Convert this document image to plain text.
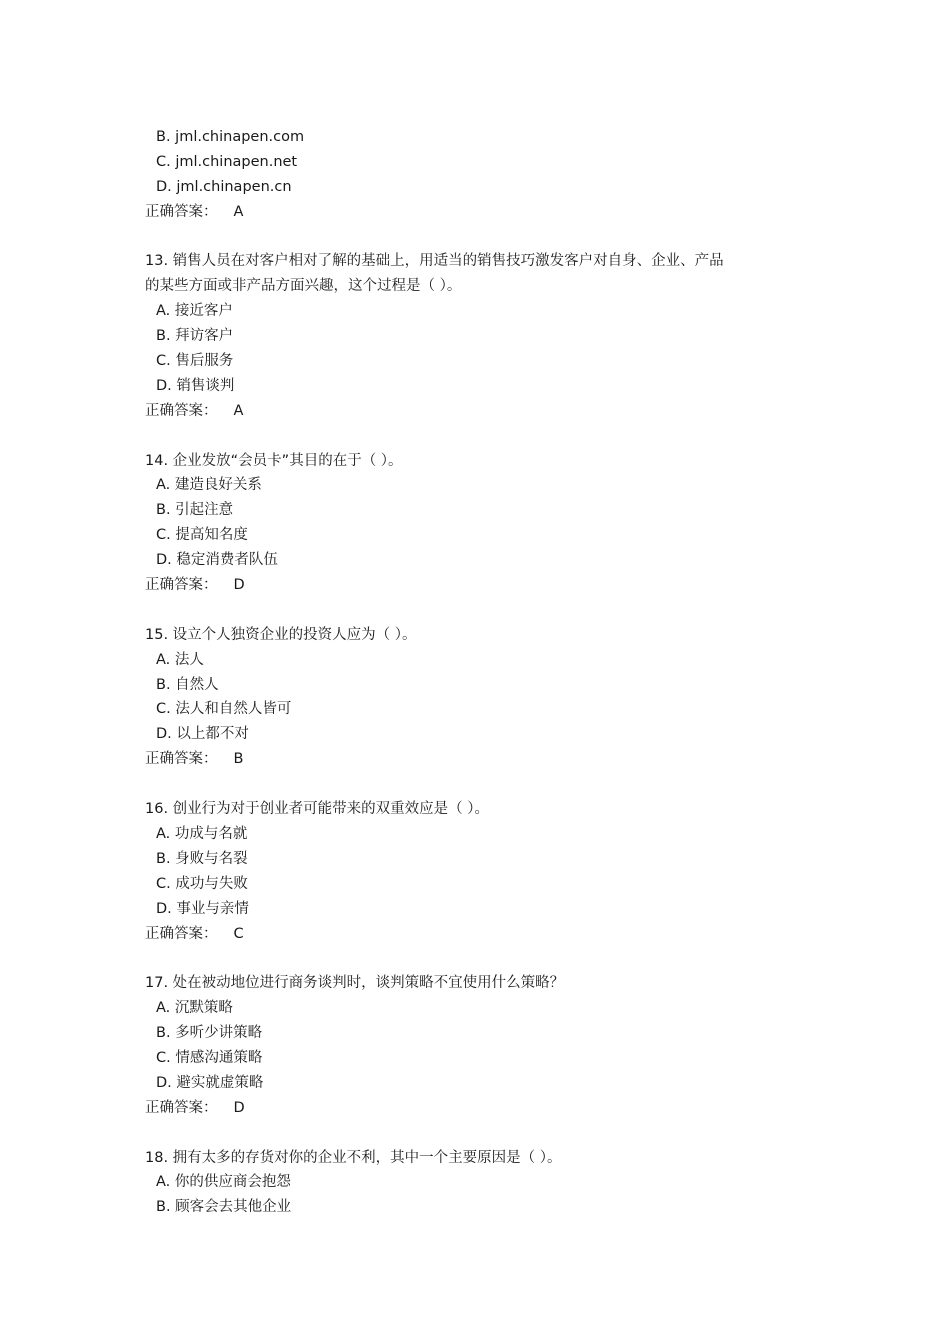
B. jml.chinapen.com
C. jml.chinapen.net
D. jml.chinapen.cn
正确答案： A
13. 销售人员在对客户相对了解的基础上，用适当的销售技巧激发客户对自身、企业、产品
的某些方面或非产品方面兴趣，这个过程是（ ）。
A. 接近客户
B. 拜访客户
C. 售后服务
D. 销售谈判
正确答案： A
14. 企业发放“会员卡”其目的在于（ ）。
A. 建造良好关系
B. 引起注意
C. 提高知名度
D. 稳定消费者队伍
正确答案： D
15. 设立个人独资企业的投资人应为（ ）。
A. 法人
B. 自然人
C. 法人和自然人皆可
D. 以上都不对
正确答案： B
16. 创业行为对于创业者可能带来的双重效应是（ ）。
A. 功成与名就
B. 身败与名裂
C. 成功与失败
D. 事业与亲情
正确答案： C
17. 处在被动地位进行商务谈判时，谈判策略不宜使用什么策略？
A. 沉默策略
B. 多听少讲策略
C. 情感沟通策略
D. 避实就虚策略
正确答案： D
18. 拥有太多的存货对你的企业不利，其中一个主要原因是（ ）。
A. 你的供应商会抱怨
B. 顾客会去其他企业
